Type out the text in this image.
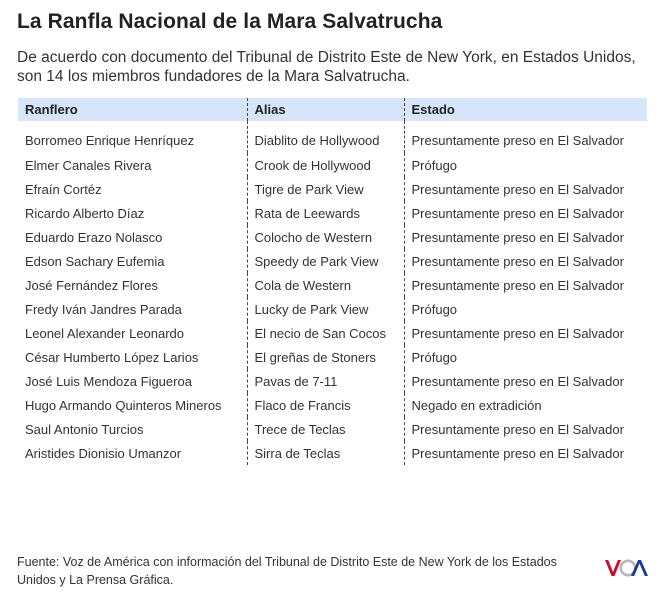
La Ranfla Nacional de la Mara Salvatrucha

De acuerdo con documento del Tribunal de Distrito Este de New York, en Estados Unidos, son 14 los miembros fundadores de la Mara Salvatrucha.

Ranflero	Alias	Estado
Borromeo Enrique Henríquez	Diablito de Hollywood	Presuntamente preso en El Salvador
Elmer Canales Rivera	Crook de Hollywood	Prófugo
Efraín Cortéz	Tigre de Park View	Presuntamente preso en El Salvador
Ricardo Alberto Díaz	Rata de Leewards	Presuntamente preso en El Salvador
Eduardo Erazo Nolasco	Colocho de Western	Presuntamente preso en El Salvador
Edson Sachary Eufemia	Speedy de Park View	Presuntamente preso en El Salvador
José Fernández Flores	Cola de Western	Presuntamente preso en El Salvador
Fredy Iván Jandres Parada	Lucky de Park View	Prófugo
Leonel Alexander Leonardo	El necio de San Cocos	Presuntamente preso en El Salvador
César Humberto López Larios	El greñas de Stoners	Prófugo
José Luis Mendoza Figueroa	Pavas de 7-11	Presuntamente preso en El Salvador
Hugo Armando Quinteros Mineros	Flaco de Francis	Negado en extradición
Saul Antonio Turcios	Trece de Teclas	Presuntamente preso en El Salvador
Aristides Dionisio Umanzor	Sirra de Teclas	Presuntamente preso en El Salvador

Fuente: Voz de América con información del Tribunal de Distrito Este de New York de los Estados Unidos y La Prensa Gráfica.
